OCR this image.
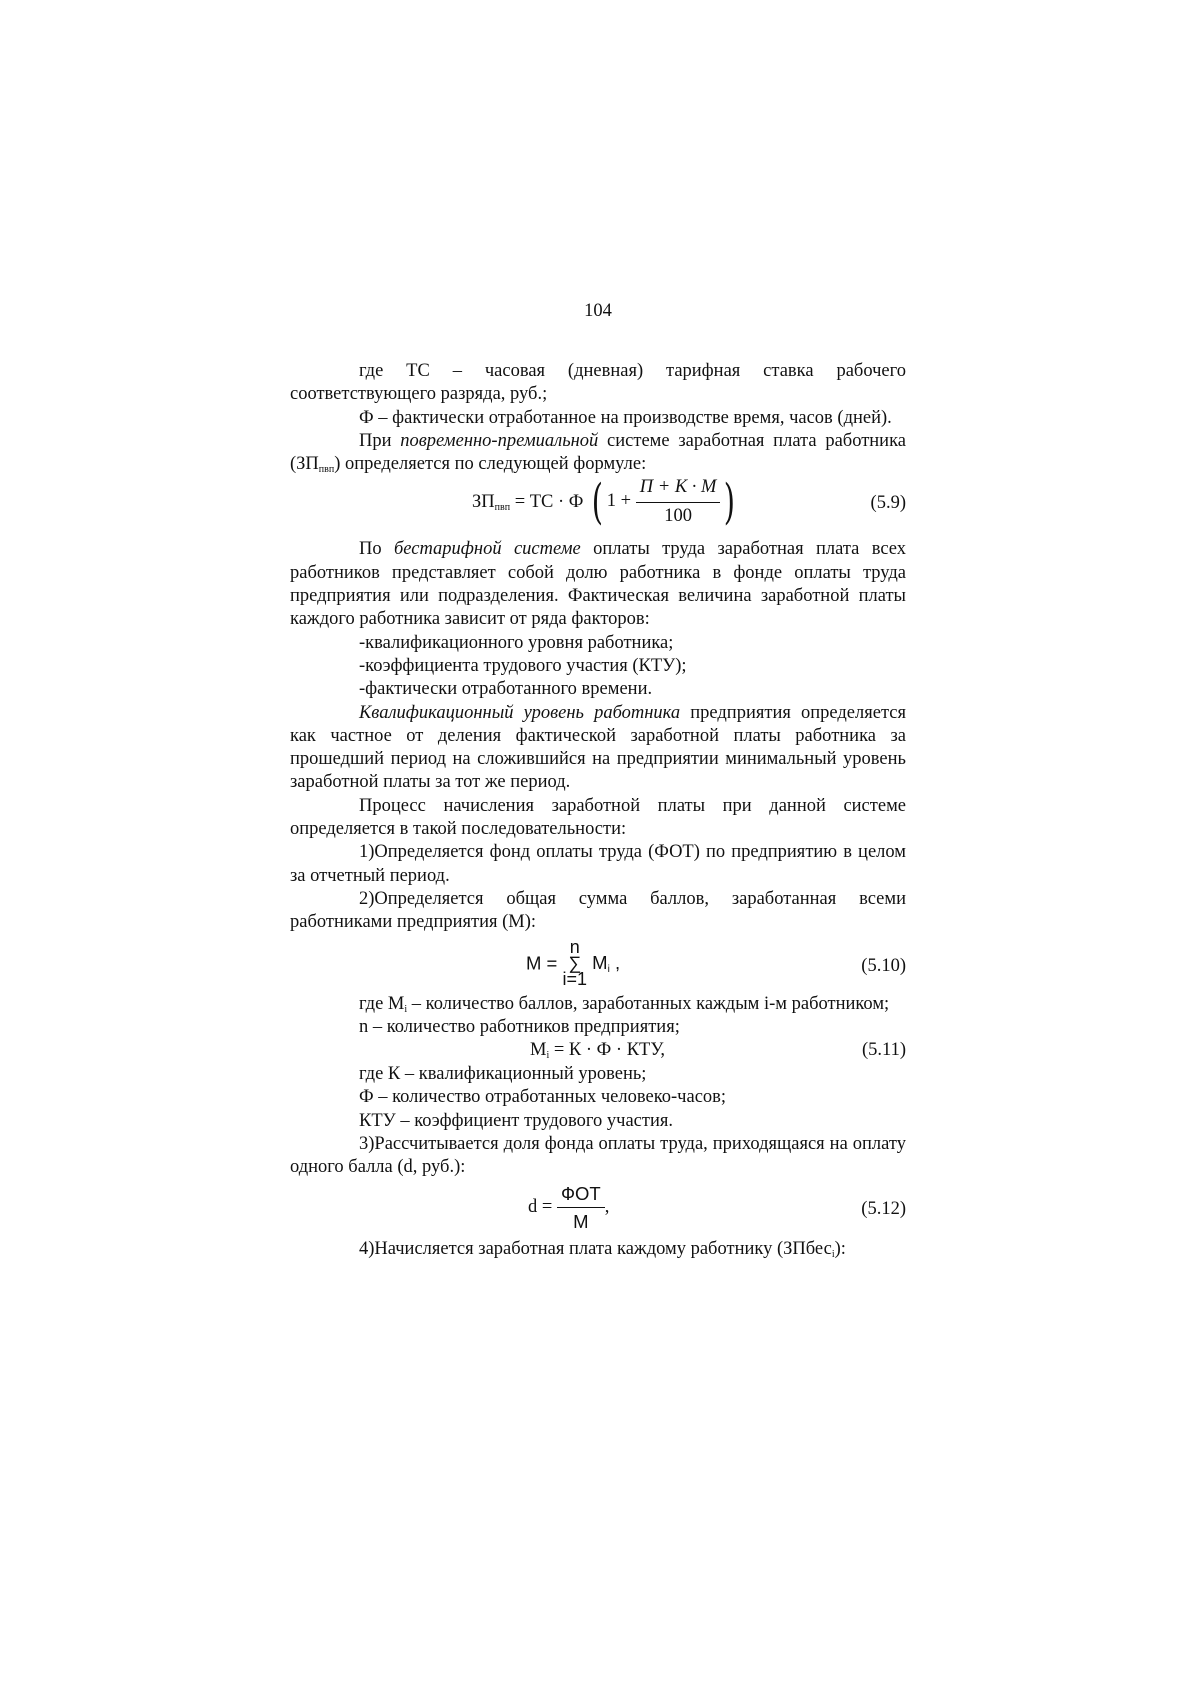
104

где ТС – часовая (дневная) тарифная ставка рабочего соответствующего разряда, руб.;

Ф – фактически отработанное на производстве время, часов (дней).

При повременно-премиальной системе заработная плата работника $(ЗП_{пвп})$ определяется по следующей формуле:

$ЗП_{пвп}$ = ТС · Ф ( $1 + \frac{П + К \cdot М}{100}$ )	(5.9)

По бестарифной системе оплаты труда заработная плата всех работников представляет собой долю работника в фонде оплаты труда предприятия или подразделения. Фактическая величина заработной платы каждого работника зависит от ряда факторов:

-квалификационного уровня работника;

-коэффициента трудового участия (КТУ);

-фактически отработанного времени.

Квалификационный уровень работника предприятия определяется как частное от деления фактической заработной платы работника за прошедший период на сложившийся на предприятии минимальный уровень заработной платы за тот же период.

Процесс начисления заработной платы при данной системе определяется в такой последовательности:

1)Определяется фонд оплаты труда (ФОТ) по предприятию в целом за отчетный период.

2)Определяется общая сумма баллов, заработанная всеми работниками предприятия (М):

M =
n
∑
i=1
$M_i$ ,	(5.10)

где $М_i$ – количество баллов, заработанных каждым i-м работником;

n – количество работников предприятия;

$М_i = К \cdot Ф$ · КТУ,	(5.11)

где К – квалификационный уровень;

Ф – количество отработанных человеко-часов;

КТУ – коэффициент трудового участия.

3)Рассчитывается доля фонда оплаты труда, приходящаяся на оплату одного балла (d, руб.):

$d = \frac{\text{ФОТ}}{М}$ ,	(5.12)

4)Начисляется заработная плата каждому работнику (ЗПбес$_i$):
